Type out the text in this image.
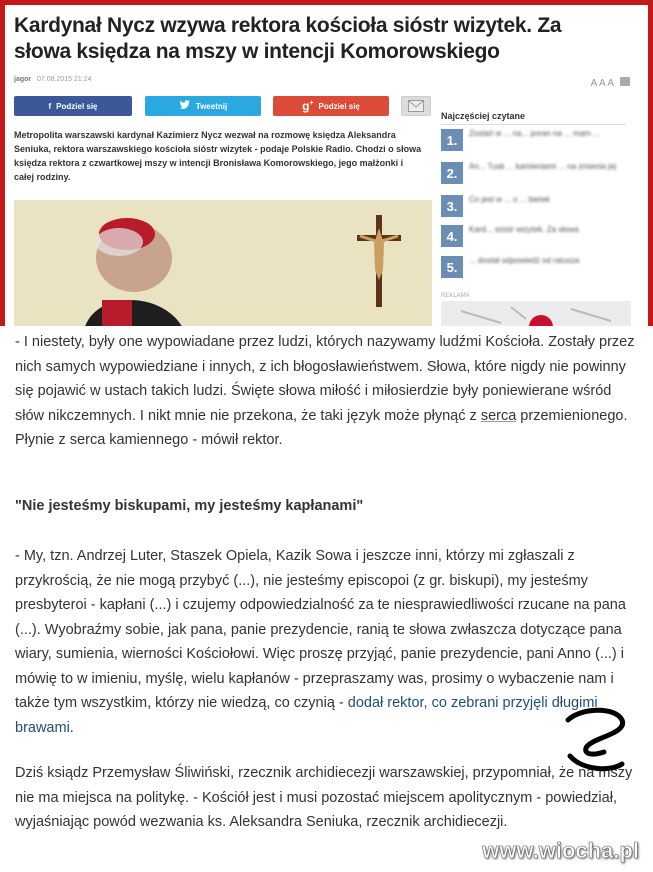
Kardynał Nycz wzywa rektora kościoła sióstr wizytek. Za słowa księdza na mszy w intencji Komorowskiego
jagor 07.08.2015 21:24	A A A
f Podziel się	Tweetnij	g+ Podziel się
Metropolita warszawski kardynał Kazimierz Nycz wezwał na rozmowę księdza Aleksandra Seniuka, rektora warszawskiego kościoła sióstr wizytek - podaje Polskie Radio. Chodzi o słowa księdza rektora z czwartkowej mszy w intencji Bronisława Komorowskiego, jego małżonki i całej rodziny.
Najczęściej czytane
1.	Zostań w ... na... poran na ... mam ...
2.	An... Tusk ... kamieniami ... na zmienia jej
3.	Co jest w ... o ... bietek
4.	Kard... sióstr wizytek. Za słowa
5.	... dostał odpowiedź od ratusza
REKLAMA
- I niestety, były one wypowiadane przez ludzi, których nazywamy ludźmi Kościoła. Zostały przez nich samych wypowiedziane i innych, z ich błogosławieństwem. Słowa, które nigdy nie powinny się pojawić w ustach takich ludzi. Święte słowa miłość i miłosierdzie były poniewierane wśród słów nikczemnych. I nikt mnie nie przekona, że taki język może płynąć z serca przemienionego. Płynie z serca kamiennego - mówił rektor.
"Nie jesteśmy biskupami, my jesteśmy kapłanami"
- My, tzn. Andrzej Luter, Staszek Opiela, Kazik Sowa i jeszcze inni, którzy mi zgłaszali z przykrością, że nie mogą przybyć (...), nie jesteśmy episcopoi (z gr. biskupi), my jesteśmy presbyteroi - kapłani (...) i czujemy odpowiedzialność za te niesprawiedliwości rzucane na pana (...). Wyobraźmy sobie, jak pana, panie prezydencie, ranią te słowa zwłaszcza dotyczące pana wiary, sumienia, wierności Kościołowi. Więc proszę przyjąć, panie prezydencie, pani Anno (...) i mówię to w imieniu, myślę, wielu kapłanów - przepraszamy was, prosimy o wybaczenie nam i także tym wszystkim, którzy nie wiedzą, co czynią - dodał rektor, co zebrani przyjęli długimi brawami.
Dziś ksiądz Przemysław Śliwiński, rzecznik archidiecezji warszawskiej, przypomniał, że na mszy nie ma miejsca na politykę. - Kościół jest i musi pozostać miejscem apolitycznym - powiedział, wyjaśniając powód wezwania ks. Aleksandra Seniuka, rzecznik archidiecezji.
www.wiocha.pl
